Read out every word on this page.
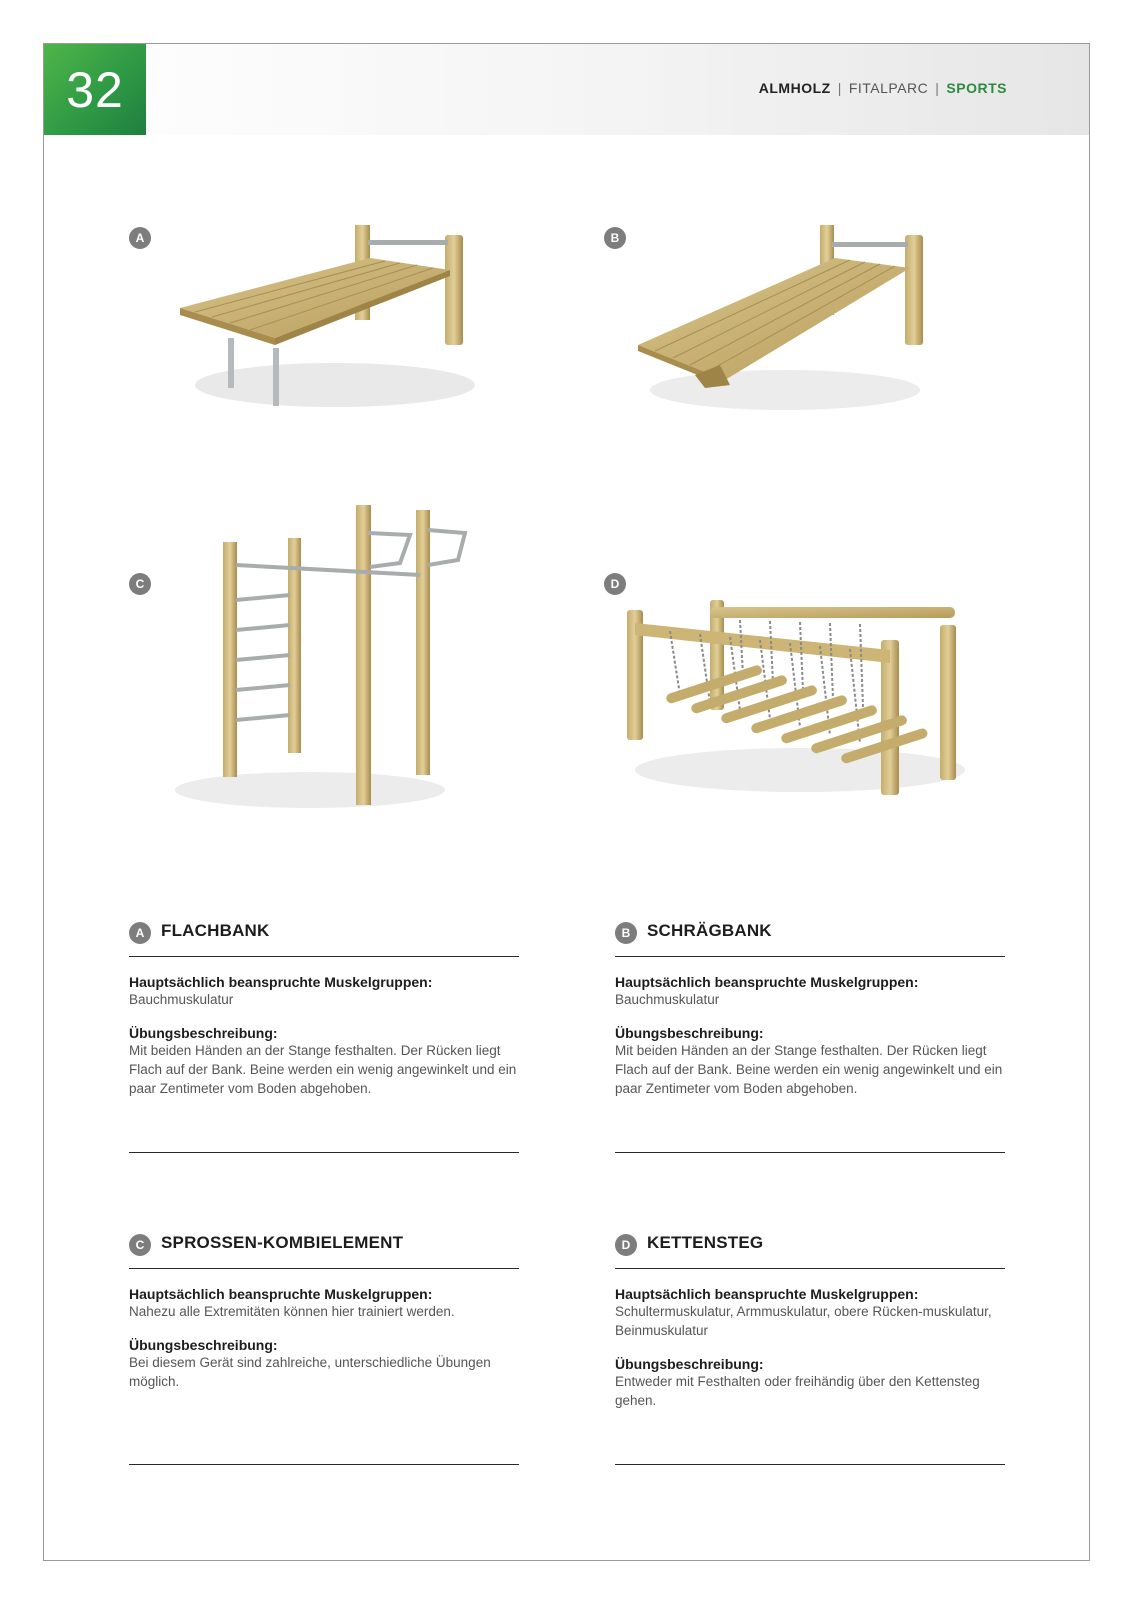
32	ALMHOLZ | FITALPARC | SPORTS
A	B
C	D
A FLACHBANK
Hauptsächlich beanspruchte Muskelgruppen:
Bauchmuskulatur
Übungsbeschreibung:
Mit beiden Händen an der Stange festhalten. Der Rücken liegt Flach auf der Bank. Beine werden ein wenig angewinkelt und ein paar Zentimeter vom Boden abgehoben.
B SCHRÄGBANK
Hauptsächlich beanspruchte Muskelgruppen:
Bauchmuskulatur
Übungsbeschreibung:
Mit beiden Händen an der Stange festhalten. Der Rücken liegt Flach auf der Bank. Beine werden ein wenig angewinkelt und ein paar Zentimeter vom Boden abgehoben.
C SPROSSEN-KOMBIELEMENT
Hauptsächlich beanspruchte Muskelgruppen:
Nahezu alle Extremitäten können hier trainiert werden.
Übungsbeschreibung:
Bei diesem Gerät sind zahlreiche, unterschiedliche Übungen möglich.
D KETTENSTEG
Hauptsächlich beanspruchte Muskelgruppen:
Schultermuskulatur, Armmuskulatur, obere Rücken-muskulatur, Beinmuskulatur
Übungsbeschreibung:
Entweder mit Festhalten oder freihändig über den Kettensteg gehen.
